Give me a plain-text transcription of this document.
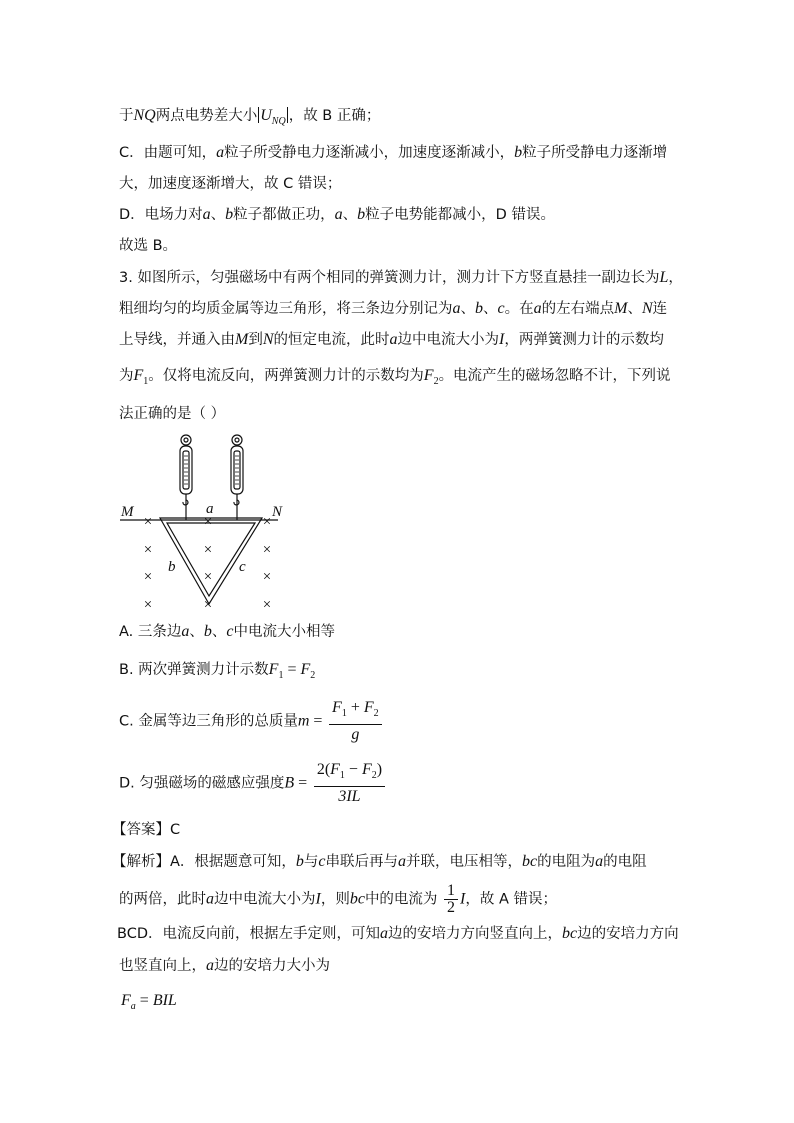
于NQ两点电势差大小 $U_{NQ}$ ，故 B 正确；
C．由题可知，a粒子所受静电力逐渐减小，加速度逐渐减小，b粒子所受静电力逐渐增
大，加速度逐渐增大，故 C 错误；
D．电场力对a、b粒子都做正功，a、b粒子电势能都减小，D 错误。
故选 B。
3. 如图所示，匀强磁场中有两个相同的弹簧测力计，测力计下方竖直悬挂一副边长为L，
粗细均匀的均质金属等边三角形，将三条边分别记为a、b、c。在a的左右端点M、N连
上导线，并通入由M到N的恒定电流，此时a边中电流大小为I，两弹簧测力计的示数均
为$F_1$。仅将电流反向，两弹簧测力计的示数均为$F_2$。电流产生的磁场忽略不计，下列说
法正确的是（ ）
×	×	×
×	×	×
×	×	×
×	×	×
M	N
a
b	c
A. 三条边a、b、c中电流大小相等
B. 两次弹簧测力计示数$F_1 = F_2$
C. 金属等边三角形的总质量$m = \frac{F_1 + F_2}{g}$
D. 匀强磁场的磁感应强度$B = \frac{2(F_1 - F_2)}{3IL}$
【答案】C
【解析】A．根据题意可知，b与c串联后再与a并联，电压相等，bc的电阻为a的电阻
的两倍，此时a边中电流大小为I，则bc中的电流为 $\frac{1}{2}$ I，故 A 错误；
BCD．电流反向前，根据左手定则，可知a边的安培力方向竖直向上，bc边的安培力方向
也竖直向上，a边的安培力大小为
$F_a$ = BIL
